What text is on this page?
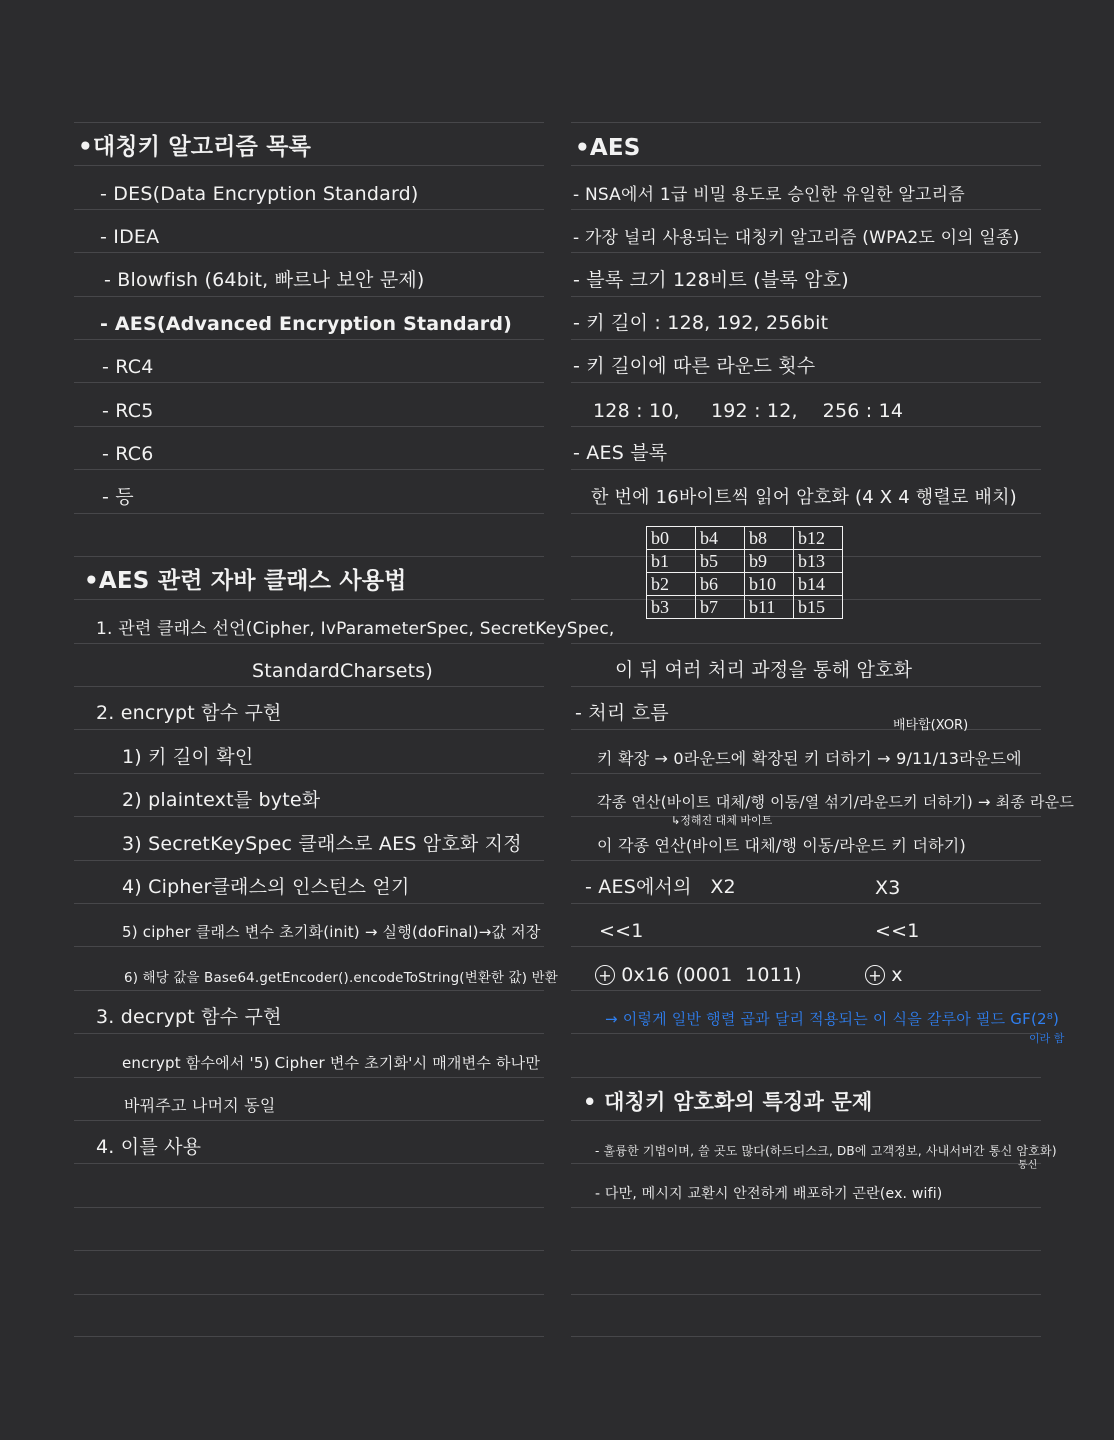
•대칭키 알고리즘 목록
- DES(Data Encryption Standard)
- IDEA
- Blowfish (64bit, 빠르나 보안 문제)
- AES(Advanced Encryption Standard)
- RC4
- RC5
- RC6
- 등
•AES 관련 자바 클래스 사용법
1. 관련 클래스 선언(Cipher, IvParameterSpec, SecretKeySpec,
StandardCharsets)
2. encrypt 함수 구현
1) 키 길이 확인
2) plaintext를 byte화
3) SecretKeySpec 클래스로 AES 암호화 지정
4) Cipher클래스의 인스턴스 얻기
5) cipher 클래스 변수 초기화(init) → 실행(doFinal)→값 저장
6) 해당 값을 Base64.getEncoder().encodeToString(변환한 값) 반환
3. decrypt 함수 구현
encrypt 함수에서 '5) Cipher 변수 초기화'시 매개변수 하나만
바꿔주고 나머지 동일
4. 이를 사용
•AES
- NSA에서 1급 비밀 용도로 승인한 유일한 알고리즘
- 가장 널리 사용되는 대칭키 알고리즘 (WPA2도 이의 일종)
- 블록 크기 128비트 (블록 암호)
- 키 길이 : 128, 192, 256bit
- 키 길이에 따른 라운드 횟수
128 : 10,     192 : 12,    256 : 14
- AES 블록
한 번에 16바이트씩 읽어 암호화 (4 X 4 행렬로 배치)
이 뒤 여러 처리 과정을 통해 암호화
- 처리 흐름
키 확장 → 0라운드에 확장된 키 더하기 → 9/11/13라운드에
각종 연산(바이트 대체/행 이동/열 섞기/라운드키 더하기) → 최종 라운드
이 각종 연산(바이트 대체/행 이동/라운드 키 더하기)
- AES에서의   X2	X3
<<1	<<1
+ 0x16 (0001  1011)	+ x
→ 이렇게 일반 행렬 곱과 달리 적용되는 이 식을 갈루아 필드 GF(2⁸)
• 대칭키 암호화의 특징과 문제
- 훌륭한 기법이며, 쓸 곳도 많다(하드디스크, DB에 고객정보, 사내서버간 통신 암호화)
- 다만, 메시지 교환시 안전하게 배포하기 곤란(ex. wifi)
b0	b4	b8	b12
b1	b5	b9	b13
b2	b6	b10	b14
b3	b7	b11	b15
배타합(XOR)
↳정해진 대체 바이트
이라 함
통신
